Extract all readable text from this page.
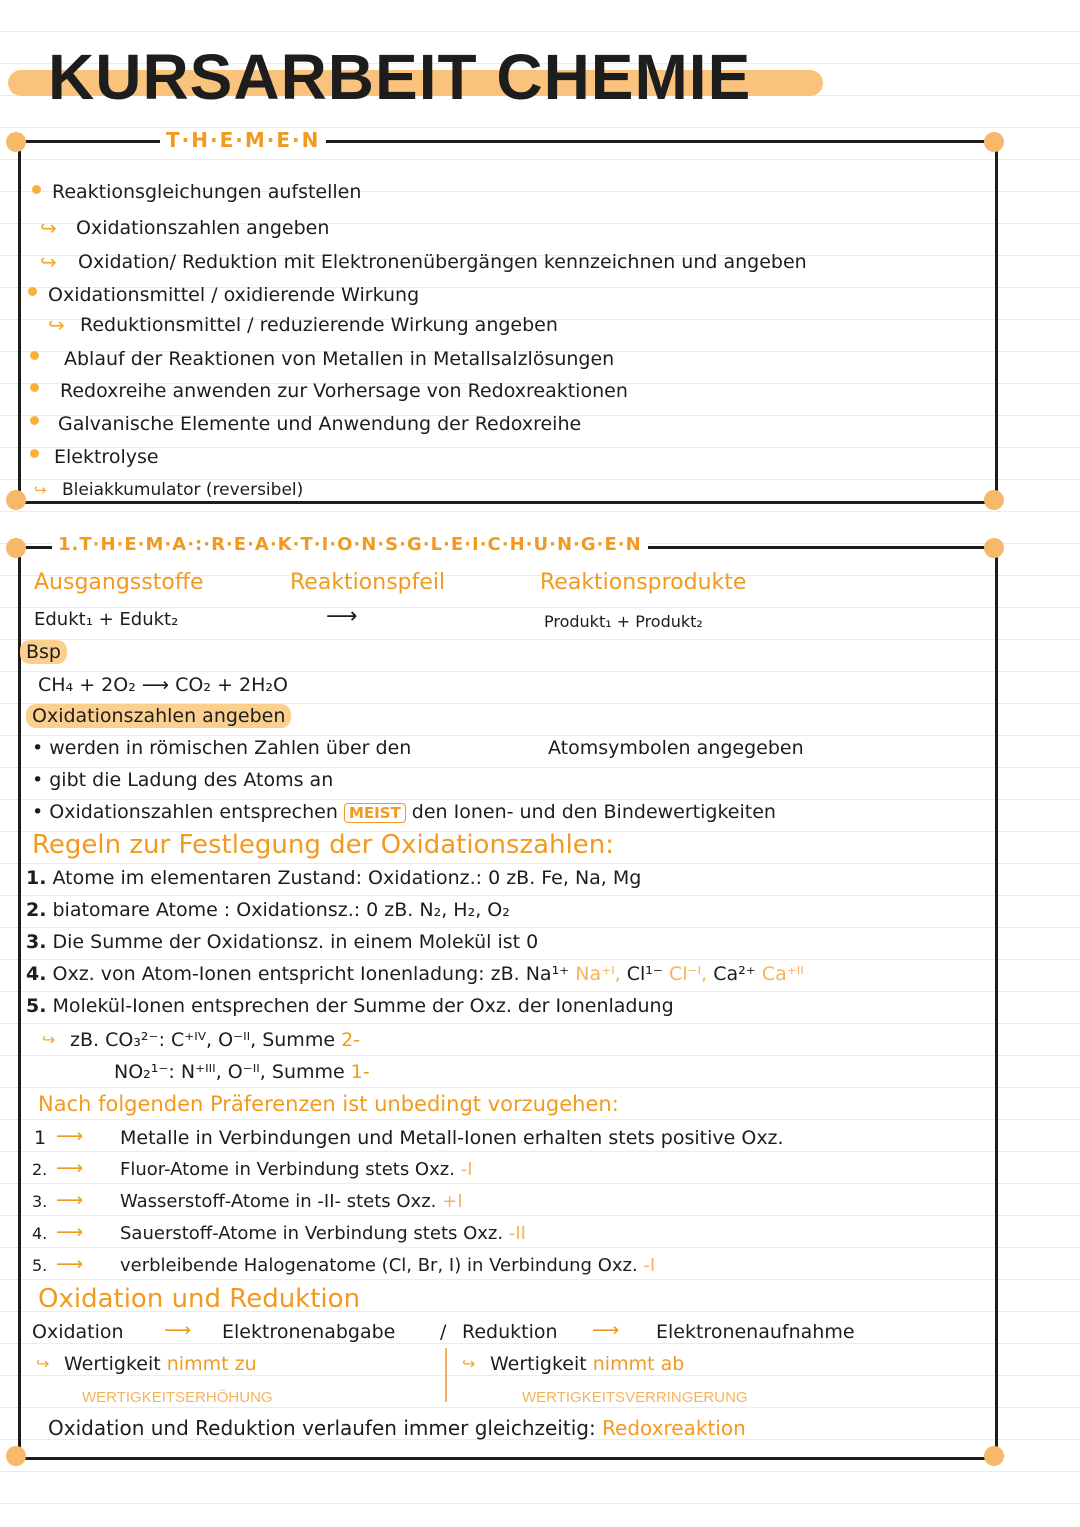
KURSARBEIT CHEMIE
T·H·E·M·E·N
Reaktionsgleichungen aufstellen
↪ Oxidationszahlen angeben
↪ Oxidation/ Reduktion mit Elektronenübergängen kennzeichnen und angeben
Oxidationsmittel / oxidierende Wirkung
↪ Reduktionsmittel / reduzierende Wirkung angeben
Ablauf der Reaktionen von Metallen in Metallsalzlösungen
Redoxreihe anwenden zur Vorhersage von Redoxreaktionen
Galvanische Elemente und Anwendung der Redoxreihe
Elektrolyse
↪ Bleiakkumulator (reversibel)
1.T·H·E·M·A·:·R·E·A·K·T·I·O·N·S·G·L·E·I·C·H·U·N·G·E·N
Ausgangsstoffe	Reaktionspfeil	Reaktionsprodukte
Edukt₁ + Edukt₂	⟶	Produkt₁ + Produkt₂
Bsp
CH₄ + 2O₂ ⟶ CO₂ + 2H₂O
Oxidationszahlen angeben
• werden in römischen Zahlen über den	Atomsymbolen angegeben
• gibt die Ladung des Atoms an
• Oxidationszahlen entsprechen MEIST den Ionen- und den Bindewertigkeiten
Regeln zur Festlegung der Oxidationszahlen:
1. Atome im elementaren Zustand: Oxidationz.: 0 zB. Fe, Na, Mg
2. biatomare Atome : Oxidationsz.: 0 zB. N₂, H₂, O₂
3. Die Summe der Oxidationsz. in einem Molekül ist 0
4. Oxz. von Atom-Ionen entspricht Ionenladung: zB. Na¹⁺ Na⁺ᴵ, Cl¹⁻ Cl⁻ᴵ, Ca²⁺ Ca⁺ᴵᴵ
5. Molekül-Ionen entsprechen der Summe der Oxz. der Ionenladung
↪ zB. CO₃²⁻: C⁺ᴵⱽ, O⁻ᴵᴵ, Summe 2-
NO₂¹⁻: N⁺ᴵᴵᴵ, O⁻ᴵᴵ, Summe 1-
Nach folgenden Präferenzen ist unbedingt vorzugehen:
1 ⟶ Metalle in Verbindungen und Metall-Ionen erhalten stets positive Oxz.
2. ⟶ Fluor-Atome in Verbindung stets Oxz. -I
3. ⟶ Wasserstoff-Atome in -II- stets Oxz. +I
4. ⟶ Sauerstoff-Atome in Verbindung stets Oxz. -II
5. ⟶ verbleibende Halogenatome (Cl, Br, I) in Verbindung Oxz. -I
Oxidation und Reduktion
Oxidation ⟶ Elektronenabgabe / Reduktion ⟶ Elektronenaufnahme
↪ Wertigkeit nimmt zu	↪ Wertigkeit nimmt ab
WERTIGKEITSERHÖHUNG	WERTIGKEITSVERRINGERUNG
Oxidation und Reduktion verlaufen immer gleichzeitig: Redoxreaktion
